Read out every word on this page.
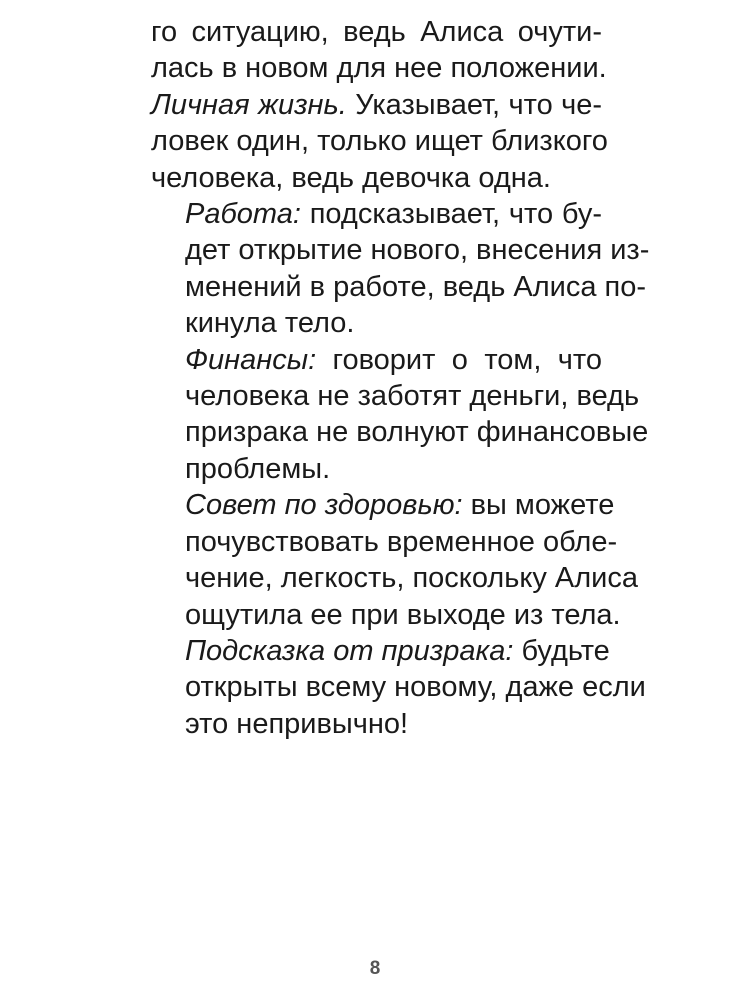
го ситуацию, ведь Алиса очути-
лась в новом для нее положении.

Личная жизнь. Указывает, что че-
ловек один, только ищет близкого
человека, ведь девочка одна.

Работа: подсказывает, что бу-
дет открытие нового, внесения из-
менений в работе, ведь Алиса по-
кинула тело.

Финансы: говорит о том, что
человека не заботят деньги, ведь
призрака не волнуют финансовые
проблемы.

Совет по здоровью: вы можете
почувствовать временное обле-
чение, легкость, поскольку Алиса
ощутила ее при выходе из тела.

Подсказка от призрака: будьте
открыты всему новому, даже если
это непривычно!

8
